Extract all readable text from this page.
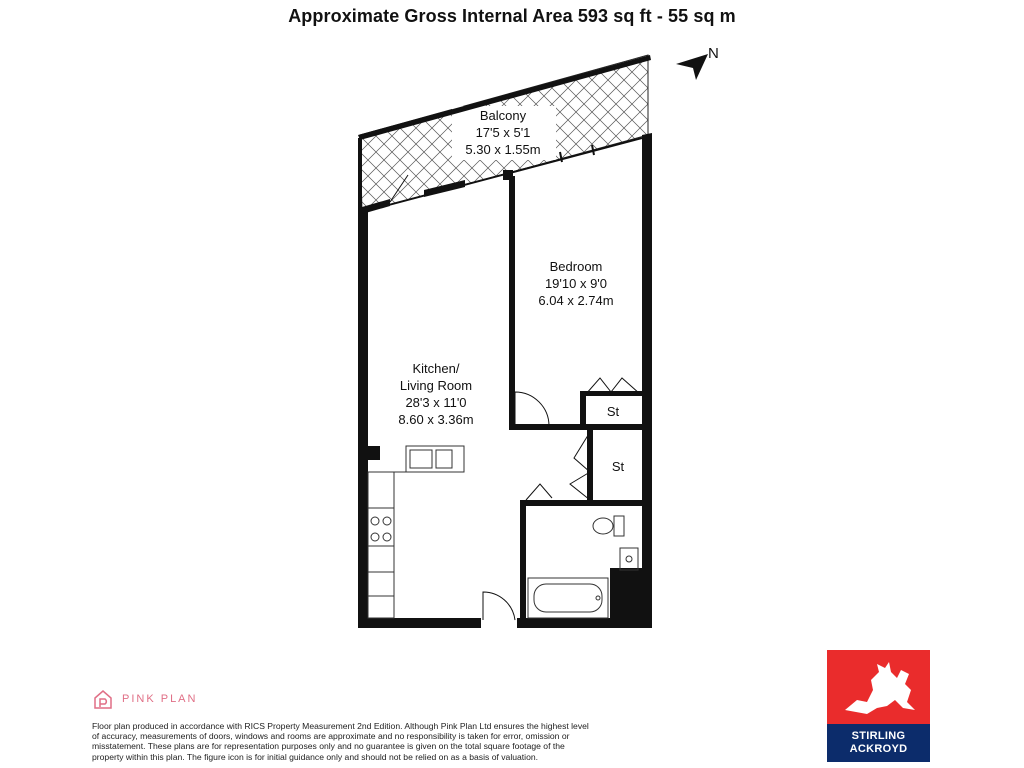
Approximate Gross Internal Area 593 sq ft - 55 sq m
Balcony
17'5 x 5'1
5.30 x 1.55m
Bedroom
19'10 x 9'0
6.04 x 2.74m
Kitchen/
Living Room
28'3 x 11'0
8.60 x 3.36m
St
St
N
PINK PLAN
Floor plan produced in accordance with RICS Property Measurement 2nd Edition. Although Pink Plan Ltd ensures the highest level of accuracy, measurements of doors, windows and rooms are approximate and no responsibility is taken for error, omission or misstatement. These plans are for representation purposes only and no guarantee is given on the total square footage of the property within this plan. The figure icon is for initial guidance only and should not be relied on as a basis of valuation.
STIRLING
ACKROYD
